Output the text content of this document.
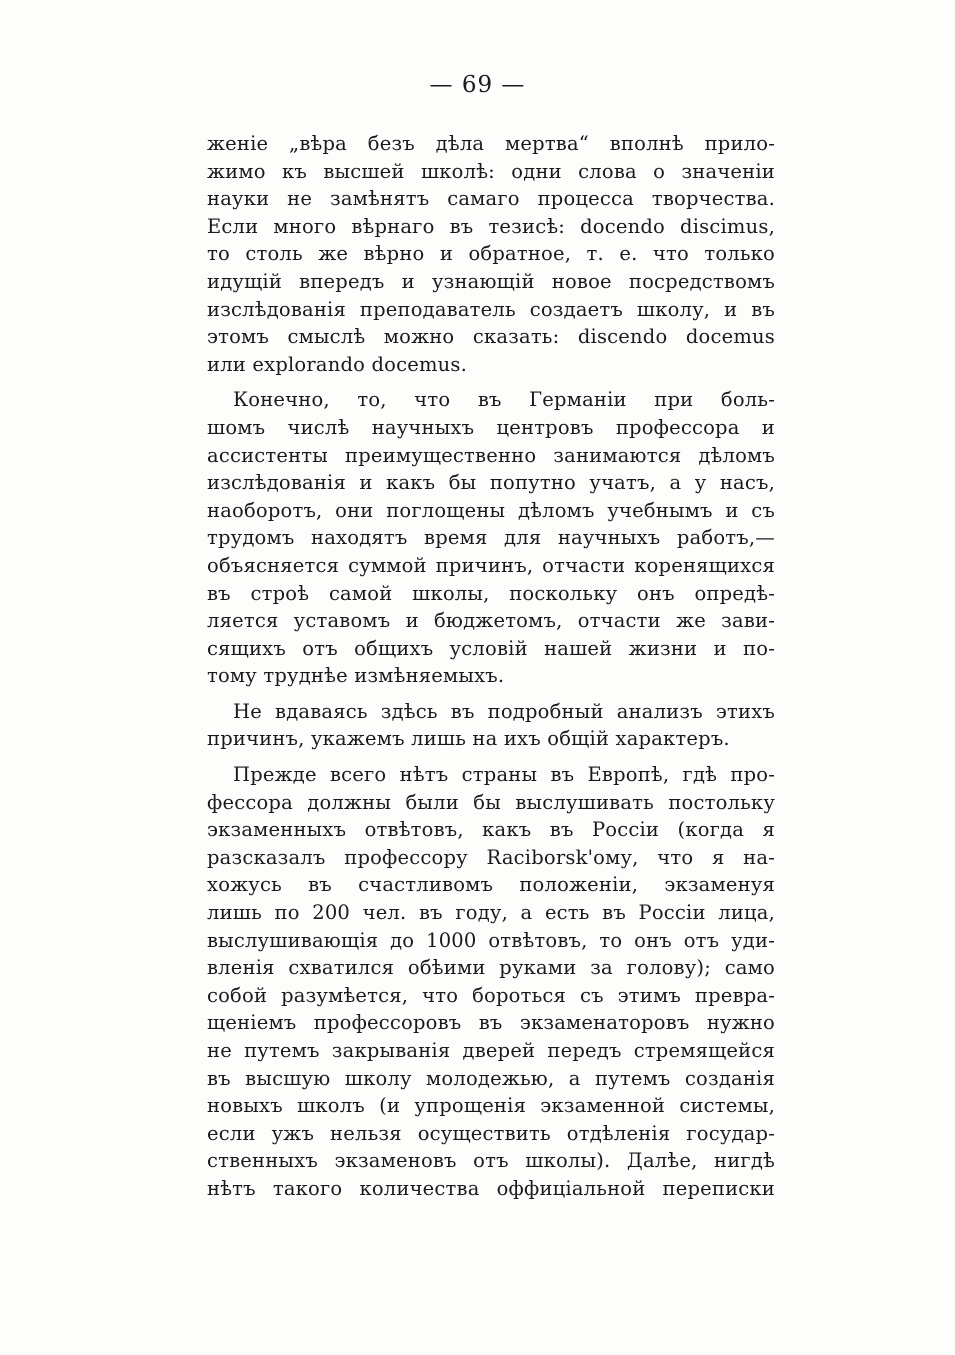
— 69 —
женіе „вѣра безъ дѣла мертва“ вполнѣ прило-
жимо къ высшей школѣ: одни слова о значеніи
науки не замѣнятъ самаго процесса творчества.
Если много вѣрнаго въ тезисѣ: docendo discimus,
то столь же вѣрно и обратное, т. е. что только
идущій впередъ и узнающій новое посредствомъ
изслѣдованія преподаватель создаетъ школу, и въ
этомъ смыслѣ можно сказать: discendo docemus
или explorando docemus.
Конечно, то, что въ Германіи при боль-
шомъ числѣ научныхъ центровъ профессора и
ассистенты преимущественно занимаются дѣломъ
изслѣдованія и какъ бы попутно учатъ, а у насъ,
наоборотъ, они поглощены дѣломъ учебнымъ и съ
трудомъ находятъ время для научныхъ работъ,—
объясняется суммой причинъ, отчасти коренящихся
въ строѣ самой школы, поскольку онъ опредѣ-
ляется уставомъ и бюджетомъ, отчасти же зави-
сящихъ отъ общихъ условій нашей жизни и по-
тому труднѣе измѣняемыхъ.
Не вдаваясь здѣсь въ подробный анализъ этихъ
причинъ, укажемъ лишь на ихъ общій характеръ.
Прежде всего нѣтъ страны въ Европѣ, гдѣ про-
фессора должны были бы выслушивать постольку
экзаменныхъ отвѣтовъ, какъ въ Россіи (когда я
разсказалъ профессору Raciborsk'ому, что я на-
хожусь въ счастливомъ положеніи, экзаменуя
лишь по 200 чел. въ году, а есть въ Россіи лица,
выслушивающія до 1000 отвѣтовъ, то онъ отъ уди-
вленія схватился обѣими руками за голову); само
собой разумѣется, что бороться съ этимъ превра-
щеніемъ профессоровъ въ экзаменаторовъ нужно
не путемъ закрыванія дверей передъ стремящейся
въ высшую школу молодежью, а путемъ созданія
новыхъ школъ (и упрощенія экзаменной системы,
если ужъ нельзя осуществить отдѣленія государ-
ственныхъ экзаменовъ отъ школы). Далѣе, нигдѣ
нѣтъ такого количества оффиціальной переписки
